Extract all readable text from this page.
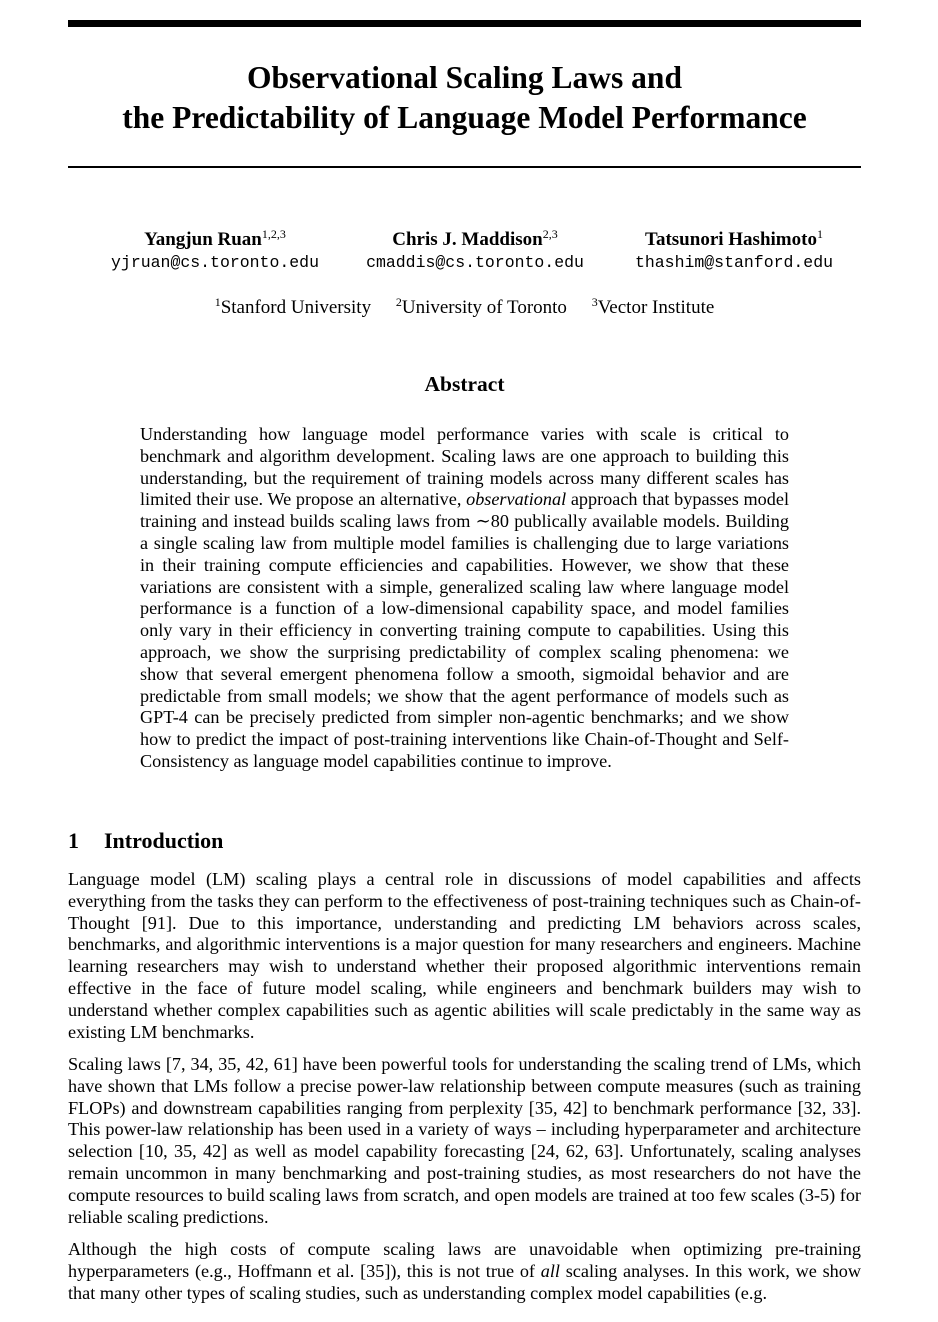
Observational Scaling Laws and
the Predictability of Language Model Performance
Yangjun Ruan$^{1,2,3}$
yjruan@cs.toronto.edu
Chris J. Maddison$^{2,3}$
cmaddis@cs.toronto.edu
Tatsunori Hashimoto$^1$
thashim@stanford.edu
$^1$Stanford University $^2$University of Toronto $^3$Vector Institute
Abstract

Understanding how language model performance varies with scale is critical to benchmark and algorithm development. Scaling laws are one approach to building this understanding, but the requirement of training models across many different scales has limited their use. We propose an alternative, observational approach that bypasses model training and instead builds scaling laws from ∼80 publically available models. Building a single scaling law from multiple model families is challenging due to large variations in their training compute efficiencies and capabilities. However, we show that these variations are consistent with a simple, generalized scaling law where language model performance is a function of a low-dimensional capability space, and model families only vary in their efficiency in converting training compute to capabilities. Using this approach, we show the surprising predictability of complex scaling phenomena: we show that several emergent phenomena follow a smooth, sigmoidal behavior and are predictable from small models; we show that the agent performance of models such as GPT-4 can be precisely predicted from simpler non-agentic benchmarks; and we show how to predict the impact of post-training interventions like Chain-of-Thought and Self-Consistency as language model capabilities continue to improve.

1 Introduction

Language model (LM) scaling plays a central role in discussions of model capabilities and affects everything from the tasks they can perform to the effectiveness of post-training techniques such as Chain-of-Thought [91]. Due to this importance, understanding and predicting LM behaviors across scales, benchmarks, and algorithmic interventions is a major question for many researchers and engineers. Machine learning researchers may wish to understand whether their proposed algorithmic interventions remain effective in the face of future model scaling, while engineers and benchmark builders may wish to understand whether complex capabilities such as agentic abilities will scale predictably in the same way as existing LM benchmarks.

Scaling laws [7, 34, 35, 42, 61] have been powerful tools for understanding the scaling trend of LMs, which have shown that LMs follow a precise power-law relationship between compute measures (such as training FLOPs) and downstream capabilities ranging from perplexity [35, 42] to benchmark performance [32, 33]. This power-law relationship has been used in a variety of ways – including hyperparameter and architecture selection [10, 35, 42] as well as model capability forecasting [24, 62, 63]. Unfortunately, scaling analyses remain uncommon in many benchmarking and post-training studies, as most researchers do not have the compute resources to build scaling laws from scratch, and open models are trained at too few scales (3-5) for reliable scaling predictions.

Although the high costs of compute scaling laws are unavoidable when optimizing pre-training hyperparameters (e.g., Hoffmann et al. [35]), this is not true of all scaling analyses. In this work, we show that many other types of scaling studies, such as understanding complex model capabilities (e.g.
